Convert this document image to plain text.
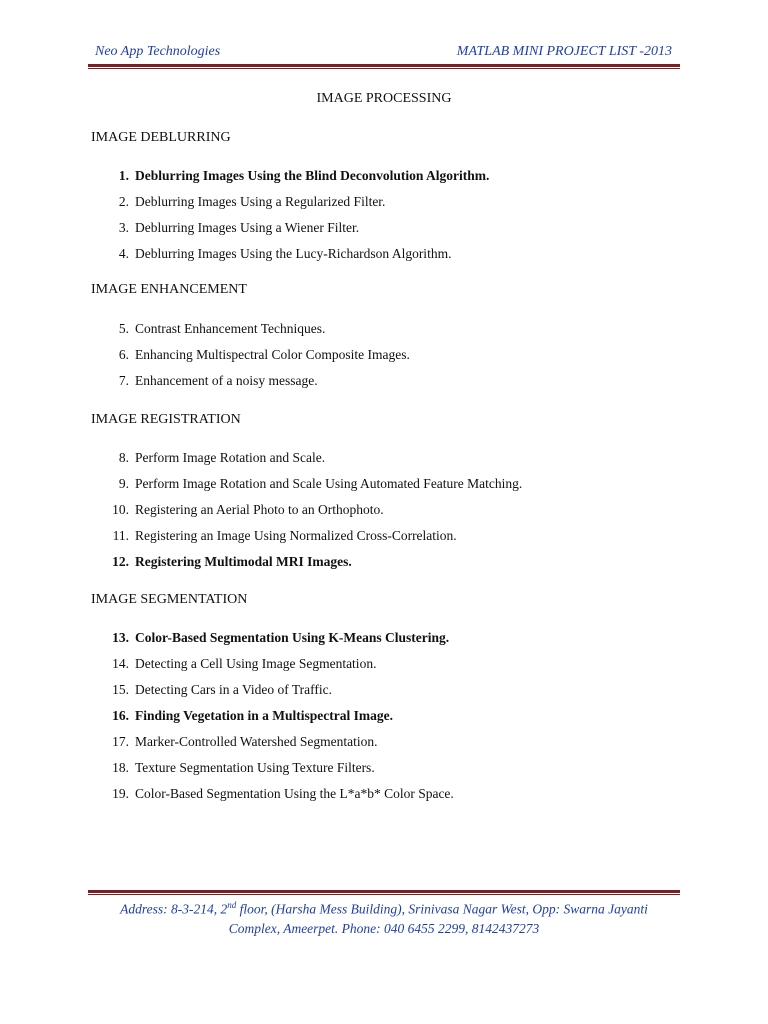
Neo App Technologies	MATLAB MINI PROJECT LIST -2013
IMAGE PROCESSING
IMAGE DEBLURRING
1. Deblurring Images Using the Blind Deconvolution Algorithm.
2. Deblurring Images Using a Regularized Filter.
3. Deblurring Images Using a Wiener Filter.
4. Deblurring Images Using the Lucy-Richardson Algorithm.
IMAGE ENHANCEMENT
5. Contrast Enhancement Techniques.
6. Enhancing Multispectral Color Composite Images.
7. Enhancement of a noisy message.
IMAGE REGISTRATION
8. Perform Image Rotation and Scale.
9. Perform Image Rotation and Scale Using Automated Feature Matching.
10. Registering an Aerial Photo to an Orthophoto.
11. Registering an Image Using Normalized Cross-Correlation.
12. Registering Multimodal MRI Images.
IMAGE SEGMENTATION
13. Color-Based Segmentation Using K-Means Clustering.
14. Detecting a Cell Using Image Segmentation.
15. Detecting Cars in a Video of Traffic.
16. Finding Vegetation in a Multispectral Image.
17. Marker-Controlled Watershed Segmentation.
18. Texture Segmentation Using Texture Filters.
19. Color-Based Segmentation Using the L*a*b* Color Space.
Address: 8-3-214, 2nd floor, (Harsha Mess Building), Srinivasa Nagar West, Opp: Swarna Jayanti Complex, Ameerpet. Phone: 040 6455 2299, 8142437273
